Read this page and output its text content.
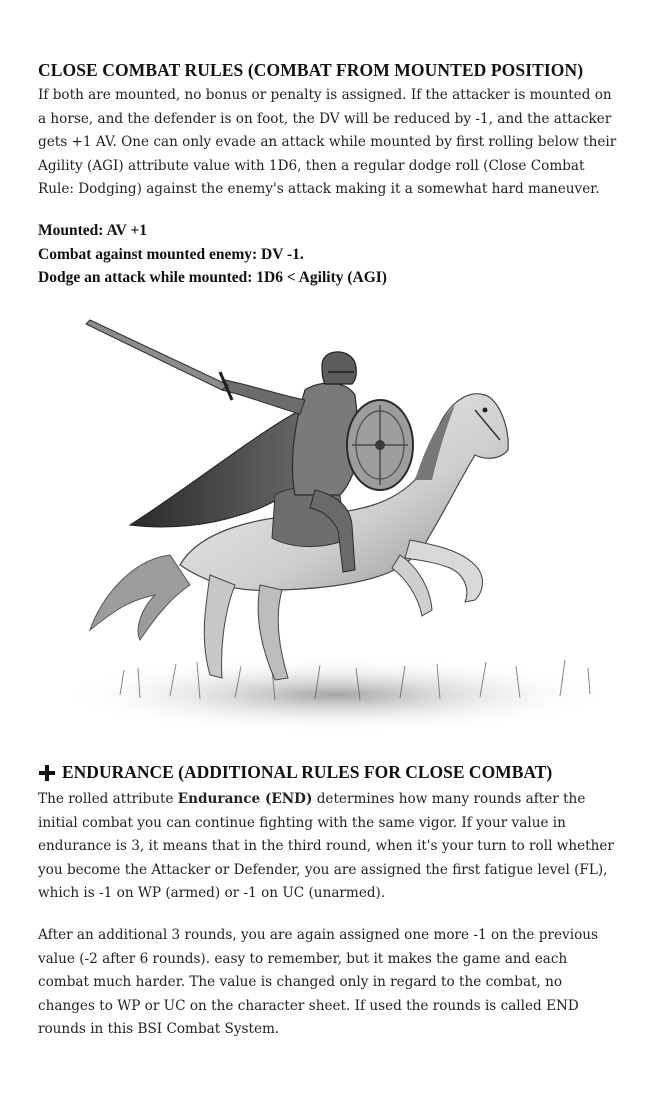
CLOSE COMBAT RULES (COMBAT FROM MOUNTED POSITION)
If both are mounted, no bonus or penalty is assigned. If the attacker is mounted on
a horse, and the defender is on foot, the DV will be reduced by -1, and the attacker
gets +1 AV. One can only evade an attack while mounted by first rolling below their
Agility (AGI) attribute value with 1D6, then a regular dodge roll (Close Combat
Rule: Dodging) against the enemy's attack making it a somewhat hard maneuver.
Mounted: AV +1
Combat against mounted enemy: DV -1.
Dodge an attack while mounted: 1D6 < Agility (AGI)
ENDURANCE (ADDITIONAL RULES FOR CLOSE COMBAT)
The rolled attribute Endurance (END) determines how many rounds after the
initial combat you can continue fighting with the same vigor. If your value in
endurance is 3, it means that in the third round, when it's your turn to roll whether
you become the Attacker or Defender, you are assigned the first fatigue level (FL),
which is -1 on WP (armed) or -1 on UC (unarmed).
After an additional 3 rounds, you are again assigned one more -1 on the previous
value (-2 after 6 rounds). easy to remember, but it makes the game and each
combat much harder. The value is changed only in regard to the combat, no
changes to WP or UC on the character sheet. If used the rounds is called END
rounds in this BSI Combat System.
